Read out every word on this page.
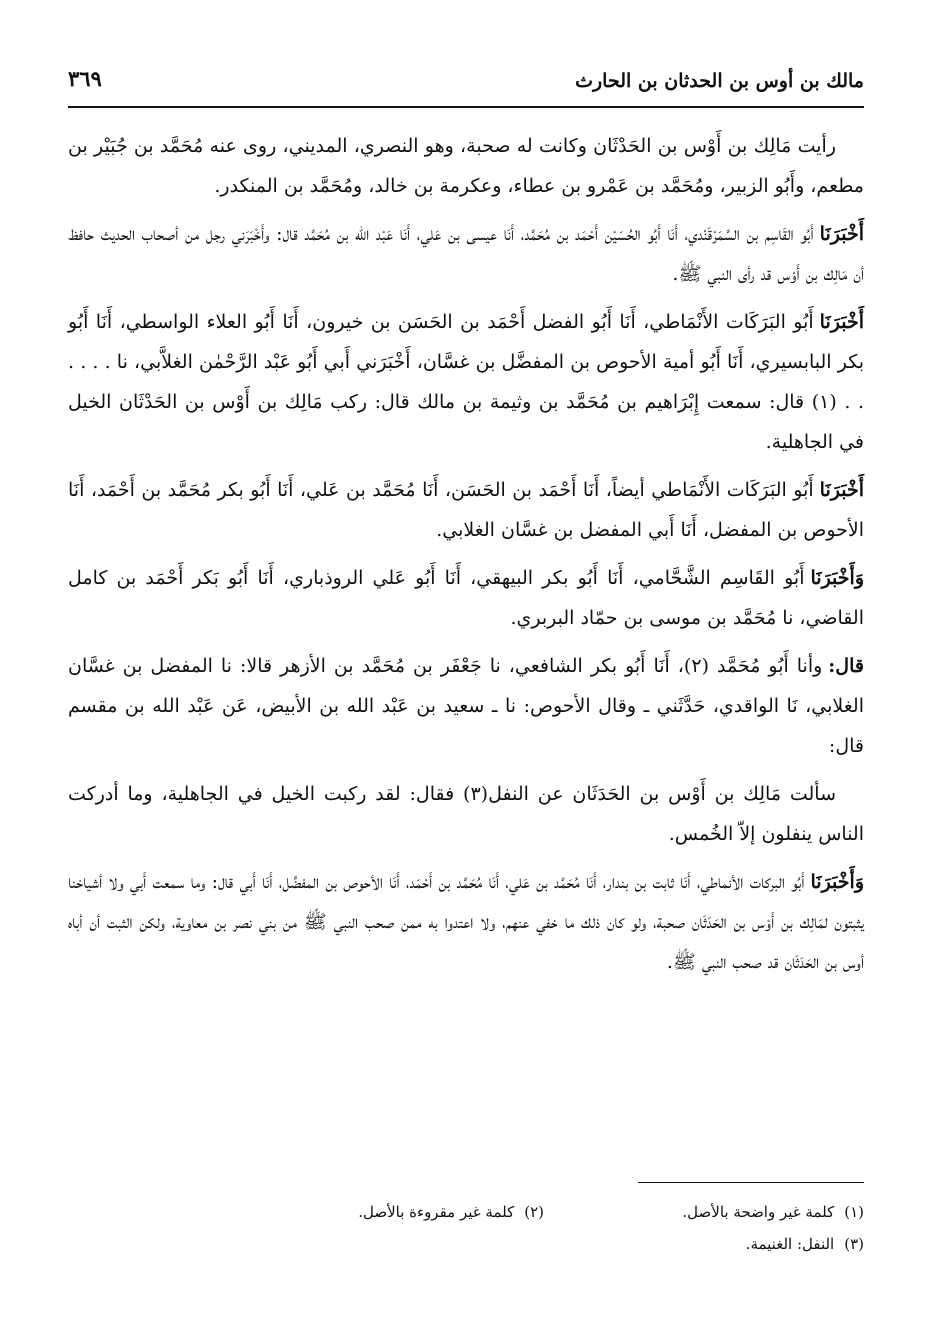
مالك بن أوس بن الحدثان بن الحارث
٣٦٩

رأيت مَالِك بن أَوْس بن الحَدْثَان وكانت له صحبة، وهو النصري، المديني، روى عنه مُحَمَّد بن جُبَيْر بن مطعم، وأَبُو الزبير، ومُحَمَّد بن عَمْرو بن عطاء، وعكرمة بن خالد، ومُحَمَّد بن المنكدر.

أَخْبَرَنَاأَبُو القَاسِم بن السَّمَرْقَنْدي، أَنَا أَبُو الحُسَيْن أَحْمَد بن مُحَمَّد، أَنَا عيسى بن عَلي، أَنَا عَبْد الله بن مُحَمَّد قال: وأَخْبَرَني رجل من أصحاب الحديث حافظ أن مَالِك بن أَوْس قد رأى النبي ﷺ.

أَخْبَرَنَاأَبُو البَرَكَات الأَنْمَاطي، أَنَا أَبُو الفضل أَحْمَد بن الحَسَن بن خيرون، أَنَا أَبُو العلاء الواسطي، أَنَا أَبُو بكر البابسيري، أَنَا أَبُو أمية الأحوص بن المفضَّل بن غسَّان، أَخْبَرَني أَبي أَبُو عَبْد الرَّحْمٰن الغلاَّبي، نا . . . . . . (١) قال: سمعت إِبْرَاهيم بن مُحَمَّد بن وثيمة بن مالك قال: ركب مَالِك بن أَوْس بن الحَدْثَان الخيل في الجاهلية.

أَخْبَرَنَاأَبُو البَرَكَات الأَنْمَاطي أيضاً، أَنَا أَحْمَد بن الحَسَن، أَنَا مُحَمَّد بن عَلي، أَنَا أَبُو بكر مُحَمَّد بن أَحْمَد، أَنَا الأحوص بن المفضل، أَنَا أَبي المفضل بن غسَّان الغلابي.

وَأَخْبَرَنَاأَبُو القَاسِم الشَّحَّامي، أَنَا أَبُو بكر البيهقي، أَنَا أَبُو عَلي الروذباري، أَنَا أَبُو بَكر أَحْمَد بن كامل القاضي، نا مُحَمَّد بن موسى بن حمّاد البربري.

قال:وأنا أَبُو مُحَمَّد (٢)، أَنَا أَبُو بكر الشافعي، نا جَعْفَر بن مُحَمَّد بن الأزهر قالا: نا المفضل بن غسَّان الغلابي، نَا الواقدي، حَدَّثَني ـ وقال الأحوص: نا ـ سعيد بن عَبْد الله بن الأبيض، عَن عَبْد الله بن مقسم قال:

سألت مَالِك بن أَوْس بن الحَدَثَان عن النفل(٣) فقال: لقد ركبت الخيل في الجاهلية، وما أدركت الناس ينفلون إلاّ الخُمس.

وَأَخْبَرَنَاأَبُو البركات الأنماطي، أَنَا ثابت بن بندار، أَنَا مُحَمَّد بن عَلي، أَنَا مُحَمَّد بن أَحْمَد، أَنَا الأحوص بن المفضَّل، أَنَا أَبي قال: وما سمعت أَبي ولا أشياخنا يثبتون لمَالِك بن أَوْس بن الحَدَثَان صحبة، ولو كان ذلك ما خفي عنهم، ولا اعتدوا به ممن صحب النبي ﷺ من بني نصر بن معاوية، ولكن الثبت أن أباه أوس بن الحَدَثَان قد صحب النبي ﷺ.

(١)كلمة غير واضحة بالأصل.
(٢)كلمة غير مقروءة بالأصل.
(٣)النفل: الغنيمة.
